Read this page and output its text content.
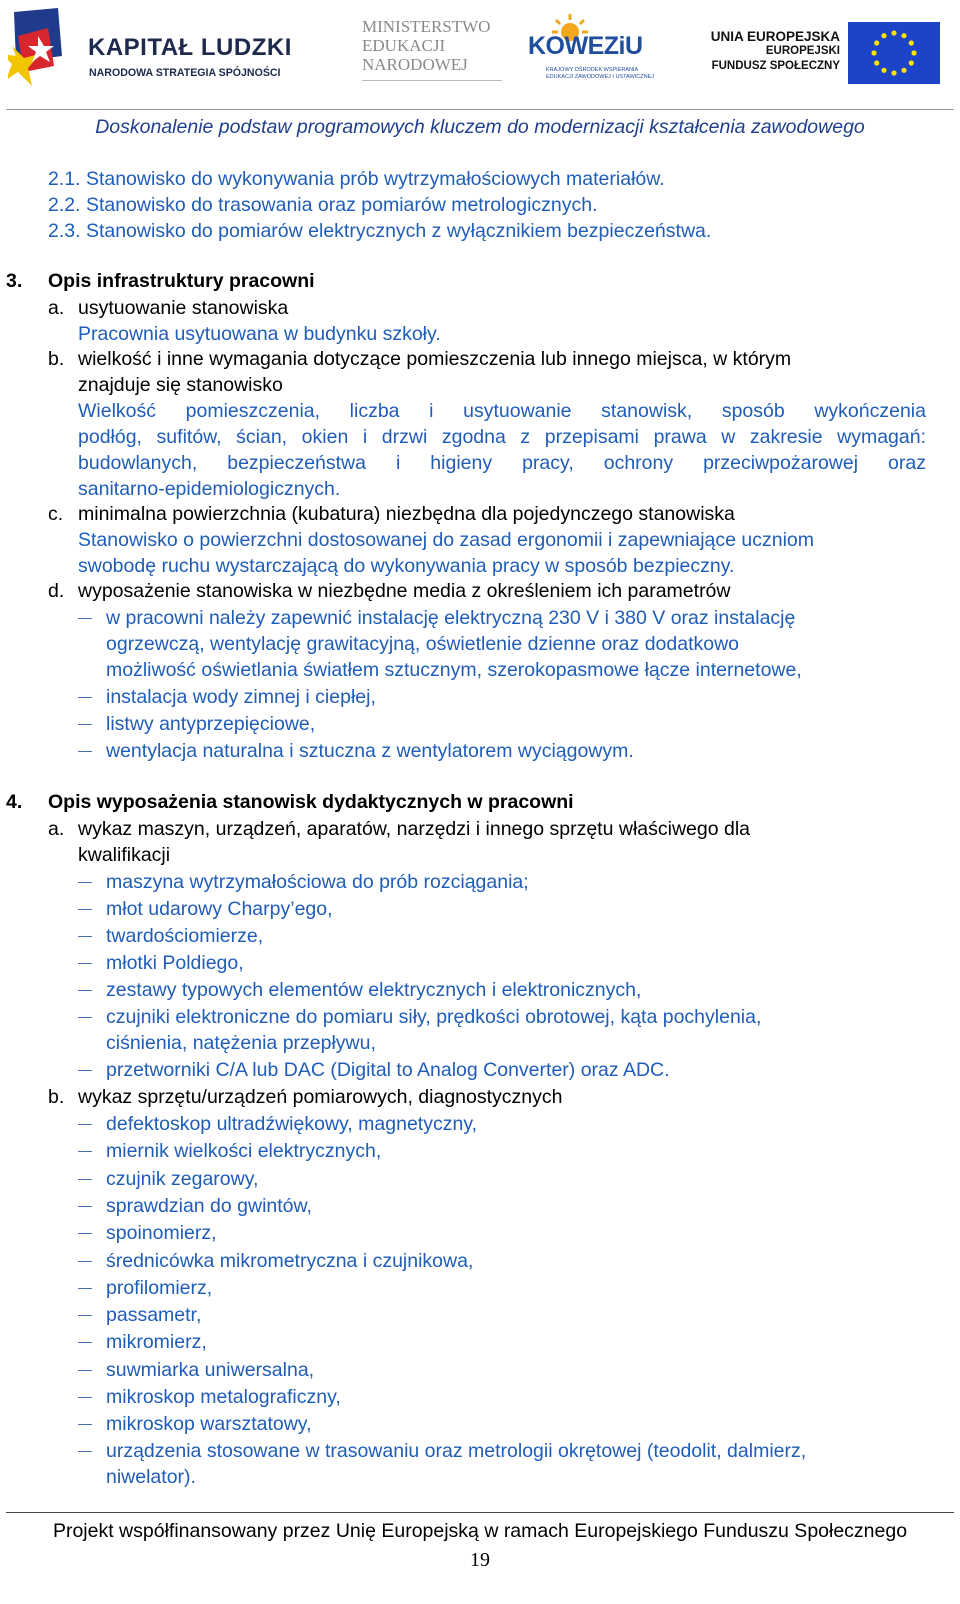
KAPITAŁ LUDZKI
NARODOWA STRATEGIA SPÓJNOŚCI
MINISTERSTWO
EDUKACJI
NARODOWEJ
KOWEZiU
KRAJOWY OŚRODEK WSPIERANIA
EDUKACJI ZAWODOWEJ I USTAWICZNEJ
UNIA EUROPEJSKA
EUROPEJSKI
FUNDUSZ SPOŁECZNY
Doskonalenie podstaw programowych kluczem do modernizacji kształcenia zawodowego
2.1. Stanowisko do wykonywania prób wytrzymałościowych materiałów.
2.2. Stanowisko do trasowania oraz pomiarów metrologicznych.
2.3. Stanowisko do pomiarów elektrycznych z wyłącznikiem bezpieczeństwa.
3. Opis infrastruktury pracowni
a. usytuowanie stanowiska
Pracownia usytuowana w budynku szkoły.
b. wielkość i inne wymagania dotyczące pomieszczenia lub innego miejsca, w którym
znajduje się stanowisko
Wielkość pomieszczenia, liczba i usytuowanie stanowisk, sposób wykończenia
podłóg, sufitów, ścian, okien i drzwi zgodna z przepisami prawa w zakresie wymagań:
budowlanych, bezpieczeństwa i higieny pracy, ochrony przeciwpożarowej oraz
sanitarno-epidemiologicznych.
c. minimalna powierzchnia (kubatura) niezbędna dla pojedynczego stanowiska
Stanowisko o powierzchni dostosowanej do zasad ergonomii i zapewniające uczniom
swobodę ruchu wystarczającą do wykonywania pracy w sposób bezpieczny.
d. wyposażenie stanowiska w niezbędne media z określeniem ich parametrów
w pracowni należy zapewnić instalację elektryczną 230 V i 380 V oraz instalację
ogrzewczą, wentylację grawitacyjną, oświetlenie dzienne oraz dodatkowo
możliwość oświetlania światłem sztucznym, szerokopasmowe łącze internetowe,
instalacja wody zimnej i ciepłej,
listwy antyprzepięciowe,
wentylacja naturalna i sztuczna z wentylatorem wyciągowym.
4. Opis wyposażenia stanowisk dydaktycznych w pracowni
a. wykaz maszyn, urządzeń, aparatów, narzędzi i innego sprzętu właściwego dla
kwalifikacji
maszyna wytrzymałościowa do prób rozciągania;
młot udarowy Charpy’ego,
twardościomierze,
młotki Poldiego,
zestawy typowych elementów elektrycznych i elektronicznych,
czujniki elektroniczne do pomiaru siły, prędkości obrotowej, kąta pochylenia,
ciśnienia, natężenia przepływu,
przetworniki C/A lub DAC (Digital to Analog Converter) oraz ADC.
b. wykaz sprzętu/urządzeń pomiarowych, diagnostycznych
defektoskop ultradźwiękowy, magnetyczny,
miernik wielkości elektrycznych,
czujnik zegarowy,
sprawdzian do gwintów,
spoinomierz,
średnicówka mikrometryczna i czujnikowa,
profilomierz,
passametr,
mikromierz,
suwmiarka uniwersalna,
mikroskop metalograficzny,
mikroskop warsztatowy,
urządzenia stosowane w trasowaniu oraz metrologii okrętowej (teodolit, dalmierz,
niwelator).
Projekt współfinansowany przez Unię Europejską w ramach Europejskiego Funduszu Społecznego
19
